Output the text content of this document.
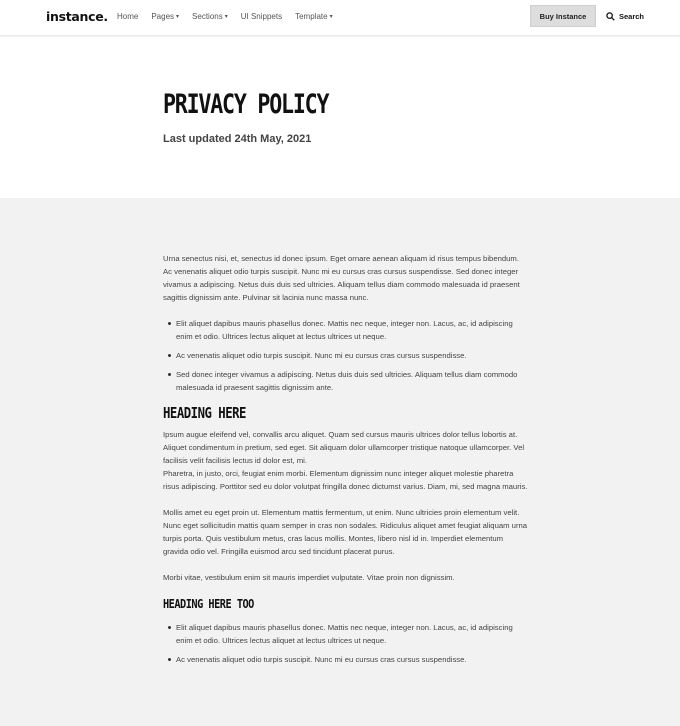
instance. Home Pages ▾ Sections ▾ UI Snippets Template ▾	Buy Instance	Search
PRIVACY POLICY
Last updated 24th May, 2021

Urna senectus nisi, et, senectus id donec ipsum. Eget ornare aenean aliquam id risus tempus bibendum. Ac venenatis aliquet odio turpis suscipit. Nunc mi eu cursus cras cursus suspendisse. Sed donec integer vivamus a adipiscing. Netus duis duis sed ultricies. Aliquam tellus diam commodo malesuada id praesent sagittis dignissim ante. Pulvinar sit lacinia nunc massa nunc.

Elit aliquet dapibus mauris phasellus donec. Mattis nec neque, integer non. Lacus, ac, id adipiscing enim et odio. Ultrices lectus aliquet at lectus ultrices ut neque.
Ac venenatis aliquet odio turpis suscipit. Nunc mi eu cursus cras cursus suspendisse.
Sed donec integer vivamus a adipiscing. Netus duis duis sed ultricies. Aliquam tellus diam commodo malesuada id praesent sagittis dignissim ante.
HEADING HERE

Ipsum augue eleifend vel, convallis arcu aliquet. Quam sed cursus mauris ultrices dolor tellus lobortis at. Aliquet condimentum in pretium, sed eget. Sit aliquam dolor ullamcorper tristique natoque ullamcorper. Vel facilisis velit facilisis lectus id dolor est, mi.

Pharetra, in justo, orci, feugiat enim morbi. Elementum dignissim nunc integer aliquet molestie pharetra risus adipiscing. Porttitor sed eu dolor volutpat fringilla donec dictumst varius. Diam, mi, sed magna mauris.

Mollis amet eu eget proin ut. Elementum mattis fermentum, ut enim. Nunc ultricies proin elementum velit. Nunc eget sollicitudin mattis quam semper in cras non sodales. Ridiculus aliquet amet feugiat aliquam urna turpis porta. Quis vestibulum metus, cras lacus mollis. Montes, libero nisl id in. Imperdiet elementum gravida odio vel. Fringilla euismod arcu sed tincidunt placerat purus.

Morbi vitae, vestibulum enim sit mauris imperdiet vulputate. Vitae proin non dignissim.

HEADING HERE TOO
Elit aliquet dapibus mauris phasellus donec. Mattis nec neque, integer non. Lacus, ac, id adipiscing enim et odio. Ultrices lectus aliquet at lectus ultrices ut neque.
Ac venenatis aliquet odio turpis suscipit. Nunc mi eu cursus cras cursus suspendisse.
